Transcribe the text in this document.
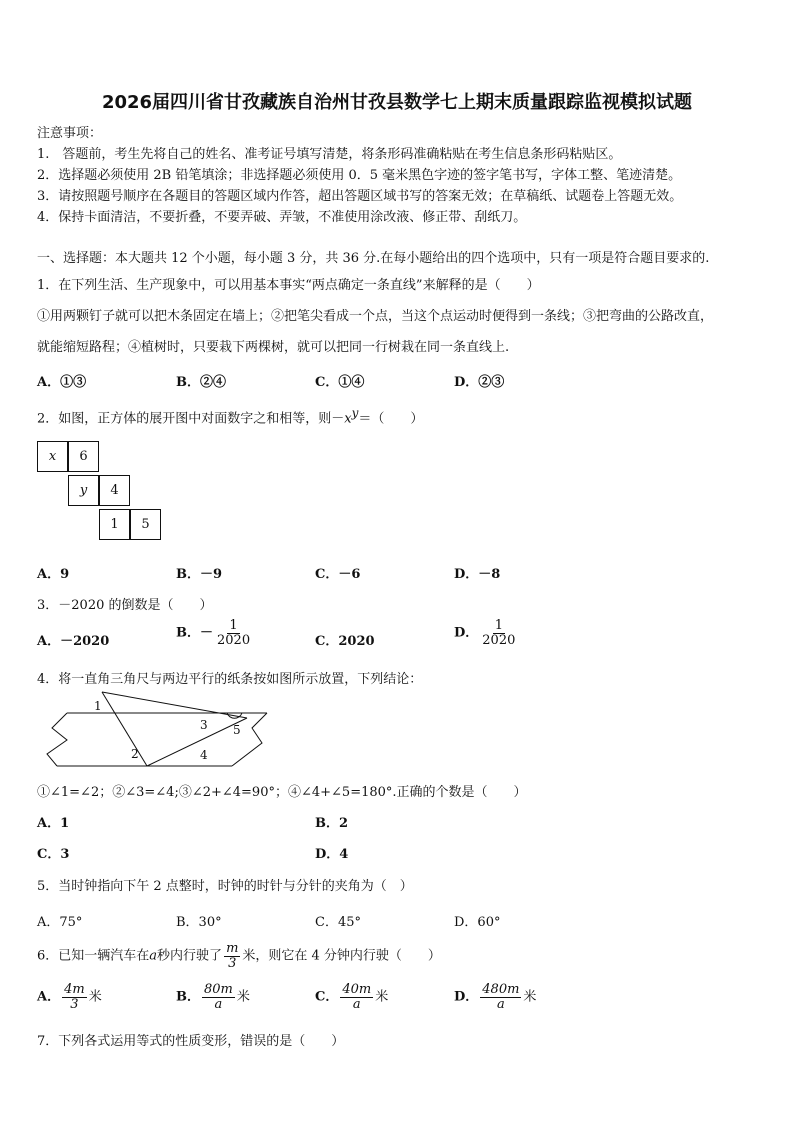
2026届四川省甘孜藏族自治州甘孜县数学七上期末质量跟踪监视模拟试题
注意事项：
1.　答题前，考生先将自己的姓名、准考证号填写清楚，将条形码准确粘贴在考生信息条形码粘贴区。
2．选择题必须使用 2B 铅笔填涂；非选择题必须使用 0．5 毫米黑色字迹的签字笔书写，字体工整、笔迹清楚。
3．请按照题号顺序在各题目的答题区域内作答，超出答题区域书写的答案无效；在草稿纸、试题卷上答题无效。
4．保持卡面清洁，不要折叠，不要弄破、弄皱，不准使用涂改液、修正带、刮纸刀。
一、选择题：本大题共 12 个小题，每小题 3 分，共 36 分.在每小题给出的四个选项中，只有一项是符合题目要求的.
1．在下列生活、生产现象中，可以用基本事实“两点确定一条直线”来解释的是（　　）
①用两颗钉子就可以把木条固定在墙上；②把笔尖看成一个点，当这个点运动时便得到一条线；③把弯曲的公路改直，
就能缩短路程；④植树时，只要栽下两棵树，就可以把同一行树栽在同一条直线上.
A．①③	B．②④	C．①④	D．②③
2．如图，正方体的展开图中对面数字之和相等，则$-x^y=$（　　）
x	6
y	4
1	5
A．9	B．－9	C．－6	D．－8
3．－2020 的倒数是（　　）
A．－2020
B．－ $\frac{1}{2020}$	C．2020
D． $\frac{1}{2020}$
4．将一直角三角尺与两边平行的纸条按如图所示放置，下列结论：
1
2
3
4
5
①∠1=∠2；②∠3=∠4;③∠2+∠4=90°；④∠4+∠5=180°.正确的个数是（　　）
A．1	B．2
C．3	D．4
5．当时钟指向下午 2 点整时，时钟的时针与分针的夹角为（　）
A．75°	B．30°	C．45°	D．60°
6．已知一辆汽车在a秒内行驶了 $\frac{m}{3}$ 米，则它在 4 分钟内行驶（　　）
A． $\frac{4m}{3}$ 米	B． $\frac{80m}{a}$ 米	C． $\frac{40m}{a}$ 米	D． $\frac{480m}{a}$ 米
7．下列各式运用等式的性质变形，错误的是（　　）
